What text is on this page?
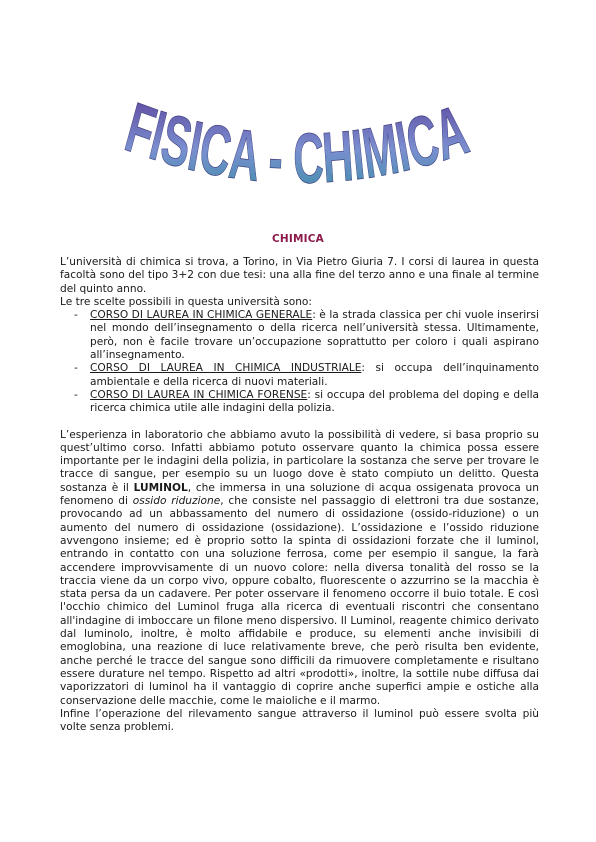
FISICA - CHIMICA
CHIMICA

L’università di chimica si trova, a Torino, in Via Pietro Giuria 7. I corsi di laurea in questa facoltà sono del tipo 3+2 con due tesi: una alla fine del terzo anno e una finale al termine del quinto anno.

Le tre scelte possibili in questa università sono:

- CORSO DI LAUREA IN CHIMICA GENERALE: è la strada classica per chi vuole inserirsi nel mondo dell’insegnamento o della ricerca nell’università stessa. Ultimamente, però, non è facile trovare un’occupazione soprattutto per coloro i quali aspirano all’insegnamento.
- CORSO DI LAUREA IN CHIMICA INDUSTRIALE: si occupa dell’inquinamento ambientale e della ricerca di nuovi materiali.
- CORSO DI LAUREA IN CHIMICA FORENSE: si occupa del problema del doping e della ricerca chimica utile alle indagini della polizia.

L’esperienza in laboratorio che abbiamo avuto la possibilità di vedere, si basa proprio su quest’ultimo corso. Infatti abbiamo potuto osservare quanto la chimica possa essere importante per le indagini della polizia, in particolare la sostanza che serve per trovare le tracce di sangue, per esempio su un luogo dove è stato compiuto un delitto. Questa sostanza è il LUMINOL, che immersa in una soluzione di acqua ossigenata provoca un fenomeno di ossido riduzione, che consiste nel passaggio di elettroni tra due sostanze, provocando ad un abbassamento del numero di ossidazione (ossido-riduzione) o un aumento del numero di ossidazione (ossidazione). L’ossidazione e l’ossido riduzione avvengono insieme; ed è proprio sotto la spinta di ossidazioni forzate che il luminol, entrando in contatto con una soluzione ferrosa, come per esempio il sangue, la farà accendere improvvisamente di un nuovo colore: nella diversa tonalità del rosso se la traccia viene da un corpo vivo, oppure cobalto, fluorescente o azzurrino se la macchia è stata persa da un cadavere. Per poter osservare il fenomeno occorre il buio totale. E così l'occhio chimico del Luminol fruga alla ricerca di eventuali riscontri che consentano all'indagine di imboccare un filone meno dispersivo. Il Luminol, reagente chimico derivato dal luminolo, inoltre, è molto affidabile e produce, su elementi anche invisibili di emoglobina, una reazione di luce relativamente breve, che però risulta ben evidente, anche perché le tracce del sangue sono difficili da rimuovere completamente e risultano essere durature nel tempo. Rispetto ad altri «prodotti», inoltre, la sottile nube diffusa dai vaporizzatori di luminol ha il vantaggio di coprire anche superfici ampie e ostiche alla conservazione delle macchie, come le maioliche e il marmo.

Infine l’operazione del rilevamento sangue attraverso il luminol può essere svolta più volte senza problemi.
